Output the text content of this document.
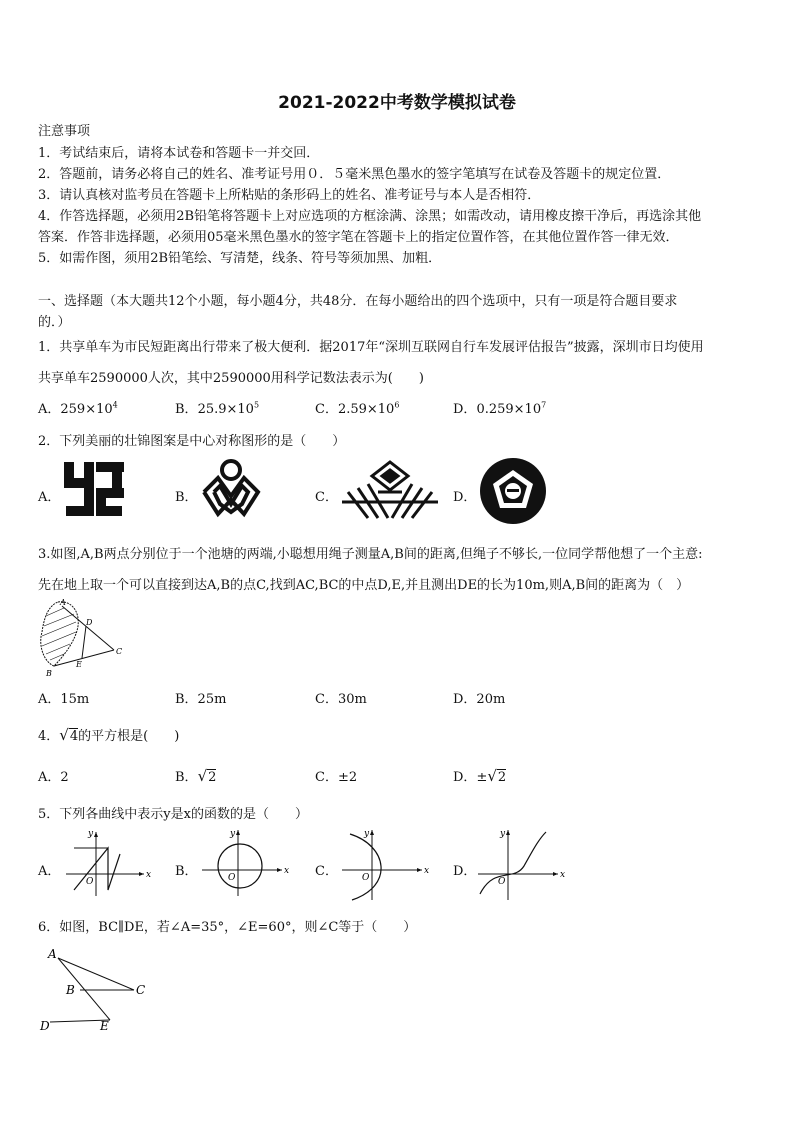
2021-2022中考数学模拟试卷
注意事项
1．考试结束后，请将本试卷和答题卡一并交回．
2．答题前，请务必将自己的姓名、准考证号用０．５毫米黑色墨水的签字笔填写在试卷及答题卡的规定位置．
3．请认真核对监考员在答题卡上所粘贴的条形码上的姓名、准考证号与本人是否相符．
4．作答选择题，必须用2B铅笔将答题卡上对应选项的方框涂满、涂黑；如需改动，请用橡皮擦干净后，再选涂其他
答案．作答非选择题，必须用05毫米黑色墨水的签字笔在答题卡上的指定位置作答，在其他位置作答一律无效．
5．如需作图，须用2B铅笔绘、写清楚，线条、符号等须加黑、加粗．
一、选择题（本大题共12个小题，每小题4分，共48分．在每小题给出的四个选项中，只有一项是符合题目要求
的．）
1．共享单车为市民短距离出行带来了极大便利．据2017年“深圳互联网自行车发展评估报告”披露，深圳市日均使用
共享单车2590000人次，其中2590000用科学记数法表示为(　　)
A．$259\times 10^4$	B．$25.9\times 10^5$	C．$2.59\times 10^6$	D．$0.259\times 10^7$
2．下列美丽的壮锦图案是中心对称图形的是（　　）
A．	B．	C．	D．
3.如图,A,B两点分别位于一个池塘的两端,小聪想用绳子测量A,B间的距离,但绳子不够长,一位同学帮他想了一个主意:
先在地上取一个可以直接到达A,B的点C,找到AC,BC的中点D,E,并且测出DE的长为10m,则A,B间的距离为（　）
A
B
C
D
E
A．15m	B．25m	C．30m	D．20m
4．√4的平方根是(　　)
A．2	B．√2	C．±2	D．±√2
5．下列各曲线中表示y是x的函数的是（　　）
A．	B．	C．	D．
x
y
O
x
y
O
x
y
O	x
y
O
6．如图，BC∥DE，若∠A=35°，∠E=60°，则∠C等于（　　）
A
B	C
D	E
